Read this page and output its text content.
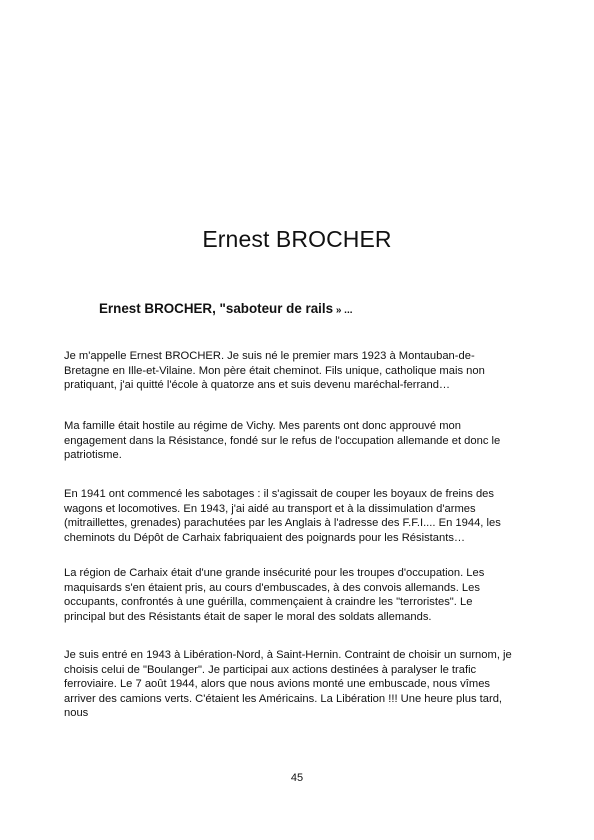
Ernest BROCHER
Ernest BROCHER, "saboteur de rails » ...

Je m'appelle Ernest BROCHER. Je suis né le premier mars 1923 à Montauban-de-
Bretagne en Ille-et-Vilaine. Mon père était cheminot. Fils unique, catholique mais non
pratiquant, j'ai quitté l'école à quatorze ans et suis devenu maréchal-ferrand…

Ma famille était hostile au régime de Vichy. Mes parents ont donc approuvé mon
engagement dans la Résistance, fondé sur le refus de l'occupation allemande et donc le
patriotisme.

En 1941 ont commencé les sabotages : il s'agissait de couper les boyaux de freins des
wagons et locomotives. En 1943, j'ai aidé au transport et à la dissimulation d'armes
(mitraillettes, grenades) parachutées par les Anglais à l'adresse des F.F.I.... En 1944, les
cheminots du Dépôt de Carhaix fabriquaient des poignards pour les Résistants…

La région de Carhaix était d'une grande insécurité pour les troupes d'occupation. Les
maquisards s'en étaient pris, au cours d'embuscades, à des convois allemands. Les
occupants, confrontés à une guérilla, commençaient à craindre les "terroristes". Le
principal but des Résistants était de saper le moral des soldats allemands.

Je suis entré en 1943 à Libération-Nord, à Saint-Hernin. Contraint de choisir un surnom, je
choisis celui de "Boulanger". Je participai aux actions destinées à paralyser le trafic
ferroviaire. Le 7 août 1944, alors que nous avions monté une embuscade, nous vîmes
arriver des camions verts. C'étaient les Américains. La Libération !!! Une heure plus tard,
nous

45
